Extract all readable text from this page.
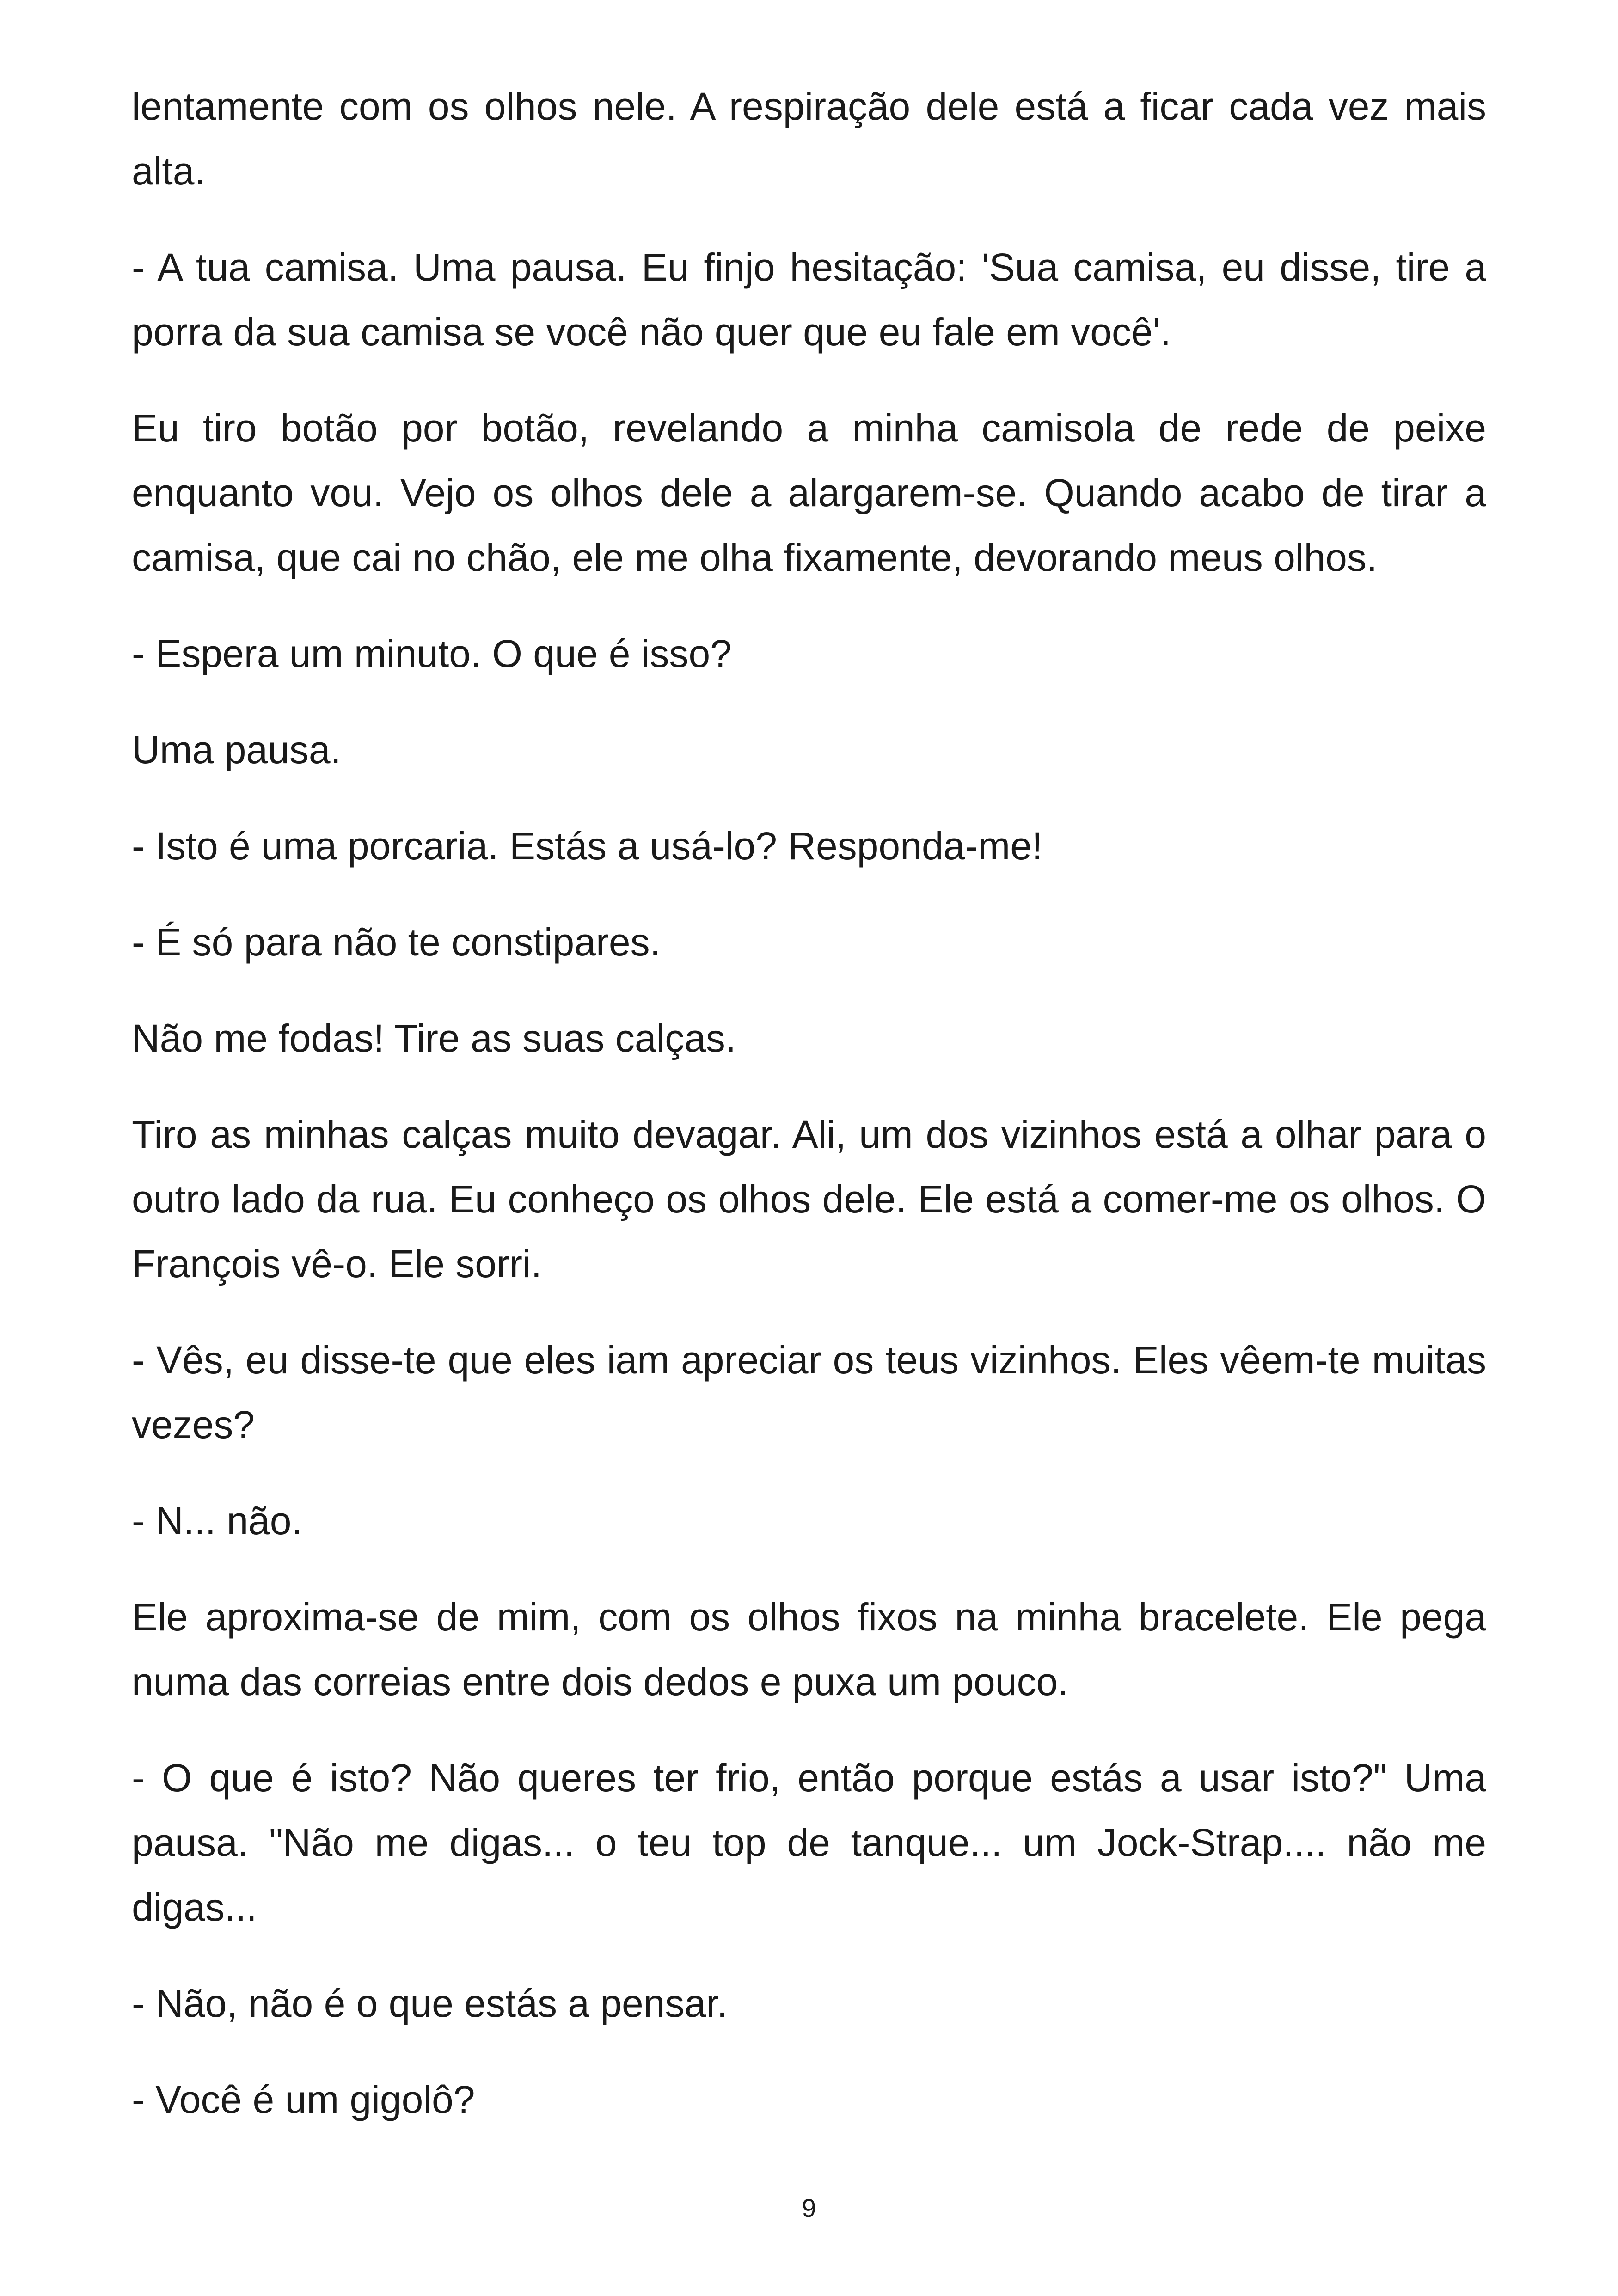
lentamente com os olhos nele. A respiração dele está a ficar cada vez mais alta.

- A tua camisa. Uma pausa. Eu finjo hesitação: 'Sua camisa, eu disse, tire a porra da sua camisa se você não quer que eu fale em você'.

Eu tiro botão por botão, revelando a minha camisola de rede de peixe enquanto vou. Vejo os olhos dele a alargarem-se. Quando acabo de tirar a camisa, que cai no chão, ele me olha fixamente, devorando meus olhos.

- Espera um minuto. O que é isso?

Uma pausa.

- Isto é uma porcaria. Estás a usá-lo? Responda-me!

- É só para não te constipares.

Não me fodas! Tire as suas calças.

Tiro as minhas calças muito devagar. Ali, um dos vizinhos está a olhar para o outro lado da rua. Eu conheço os olhos dele. Ele está a comer-me os olhos. O François vê-o. Ele sorri.

- Vês, eu disse-te que eles iam apreciar os teus vizinhos. Eles vêem-te muitas vezes?

- N... não.

Ele aproxima-se de mim, com os olhos fixos na minha bracelete. Ele pega numa das correias entre dois dedos e puxa um pouco.

- O que é isto? Não queres ter frio, então porque estás a usar isto?" Uma pausa. "Não me digas... o teu top de tanque... um Jock-Strap.... não me digas...

- Não, não é o que estás a pensar.

- Você é um gigolô?

9
